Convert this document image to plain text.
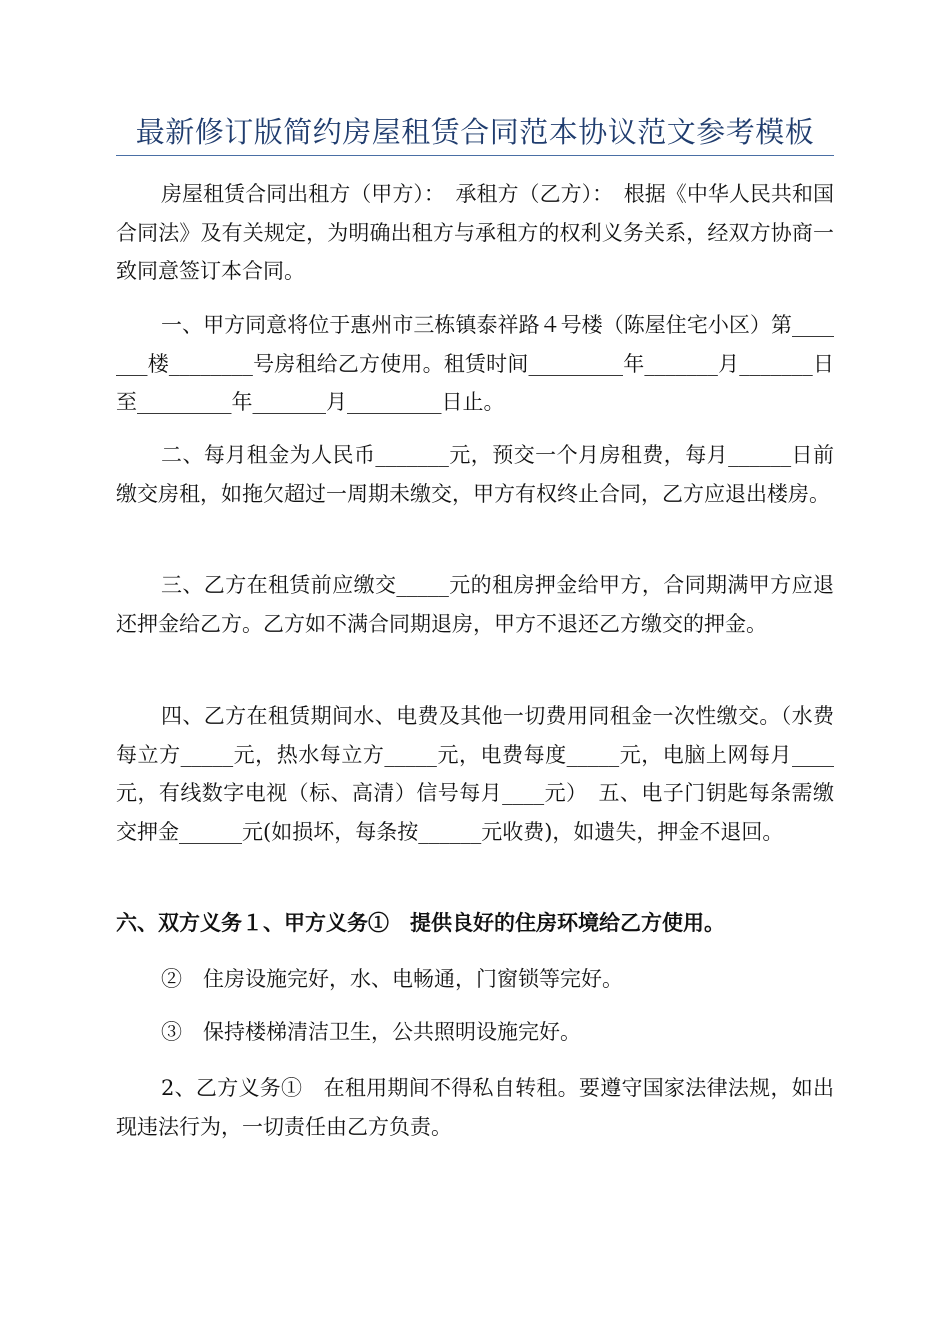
最新修订版简约房屋租赁合同范本协议范文参考模板

房屋租赁合同出租方（甲方）：　承租方（乙方）：　根据《中华人民共和国合同法》及有关规定，为明确出租方与承租方的权利义务关系，经双方协商一致同意签订本合同。

一、甲方同意将位于惠州市三栋镇泰祥路４号楼（陈屋住宅小区）第_______楼________号房租给乙方使用。租赁时间_________年_______月_______日至_________年_______月_________日止。

二、每月租金为人民币_______元，预交一个月房租费，每月______日前缴交房租，如拖欠超过一周期未缴交，甲方有权终止合同，乙方应退出楼房。

三、乙方在租赁前应缴交_____元的租房押金给甲方，合同期满甲方应退还押金给乙方。乙方如不满合同期退房，甲方不退还乙方缴交的押金。

四、乙方在租赁期间水、电费及其他一切费用同租金一次性缴交。（水费每立方_____元，热水每立方_____元，电费每度_____元，电脑上网每月____元，有线数字电视（标、高清）信号每月____元）　五、电子门钥匙每条需缴交押金______元(如损坏，每条按______元收费)，如遗失，押金不退回。

六、双方义务１、甲方义务①　提供良好的住房环境给乙方使用。

②　住房设施完好，水、电畅通，门窗锁等完好。

③　保持楼梯清洁卫生，公共照明设施完好。

2、乙方义务①　在租用期间不得私自转租。要遵守国家法律法规，如出现违法行为，一切责任由乙方负责。
